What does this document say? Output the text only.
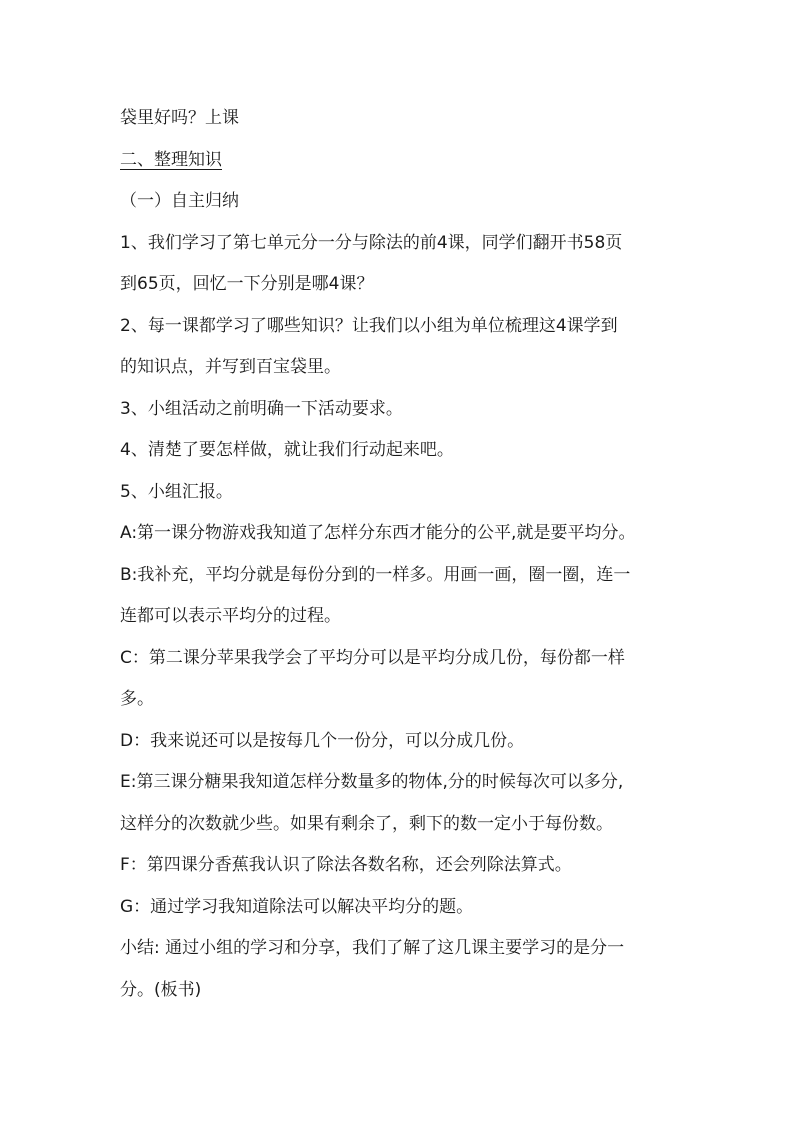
袋里好吗？上课
二、整理知识
（一）自主归纳
1、我们学习了第七单元分一分与除法的前4课，同学们翻开书58页
到65页，回忆一下分别是哪4课？
2、每一课都学习了哪些知识？让我们以小组为单位梳理这4课学到
的知识点，并写到百宝袋里。
3、小组活动之前明确一下活动要求。
4、清楚了要怎样做，就让我们行动起来吧。
5、小组汇报。
A:第一课分物游戏我知道了怎样分东西才能分的公平,就是要平均分。
B:我补充，平均分就是每份分到的一样多。用画一画，圈一圈，连一
连都可以表示平均分的过程。
C：第二课分苹果我学会了平均分可以是平均分成几份，每份都一样
多。
D：我来说还可以是按每几个一份分，可以分成几份。
E:第三课分糖果我知道怎样分数量多的物体,分的时候每次可以多分,
这样分的次数就少些。如果有剩余了，剩下的数一定小于每份数。
F：第四课分香蕉我认识了除法各数名称，还会列除法算式。
G：通过学习我知道除法可以解决平均分的题。
小结: 通过小组的学习和分享，我们了解了这几课主要学习的是分一
分。(板书)
